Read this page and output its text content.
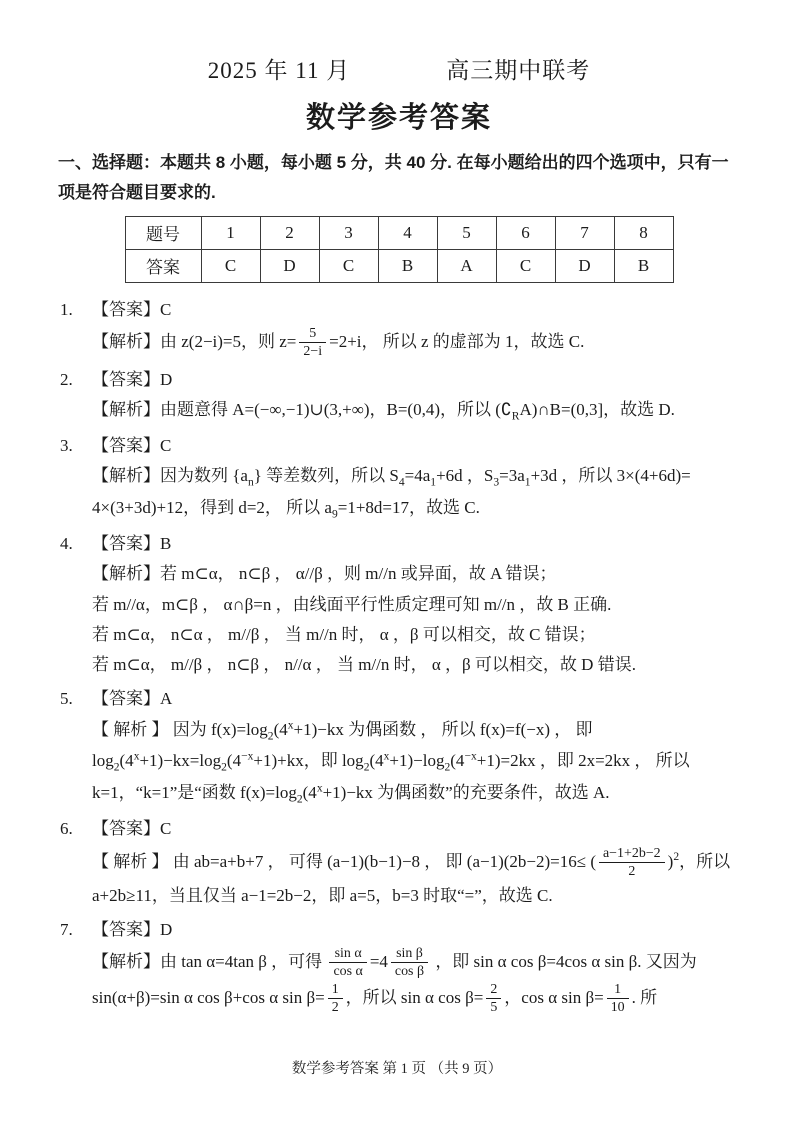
2025 年 11 月	高三期中联考
数学参考答案
一、选择题：本题共 8 小题，每小题 5 分，共 40 分. 在每小题给出的四个选项中，只有一项是符合题目要求的.
题号	1	2	3	4	5	6	7	8
答案	C	D	C	B	A	C	D	B
1. 【答案】C
【解析】由 z(2−i)=5，则 $z= \frac{5}{2-i} =2+i$， 所以 z 的虚部为 1，故选 C.
2. 【答案】D
【解析】由题意得 A=(−∞,−1)∪(3,+∞)，B=(0,4)，所以 $(∁_RA)\cap B=(0,3]$，故选 D.
3. 【答案】C
【解析】因为数列 $\{a_n\}$ 等差数列，所以 $S_4=4a_1+6d$ ，$S_3=3a_1+3d$ ，所以 3×(4+6d)= 4×(3+3d)+12，得到 d=2， 所以 $a_9=1+8d=17$，故选 C.
4. 【答案】B
【解析】若 m⊂α， n⊂β ， α//β ，则 m//n 或异面，故 A 错误；
若 m//α，m⊂β ， α∩β=n ，由线面平行性质定理可知 m//n ，故 B 正确.
若 m⊂α， n⊂α ， m//β ， 当 m//n 时， α ，β 可以相交，故 C 错误；
若 m⊂α， m//β ， n⊂β ， n//α ， 当 m//n 时， α ，β 可以相交，故 D 错误.
5. 【答案】A
【 解析 】 因为 $f(x)=\log_2(4^x+1)-kx$ 为偶函数 ， 所以 f(x)=f(−x) ， 即 $\log_2(4^x+1)-kx=\log_2(4^{-x}+1)+kx$，即 $\log_2(4^x+1)-\log_2(4^{-x}+1)=2kx$ ，即 2x=2kx ， 所以 k=1，“k=1”是“函数 $f(x)=\log_2(4^x+1)-kx$ 为偶函数”的充要条件，故选 A.
6. 【答案】C
【 解析 】 由 ab=a+b+7 ， 可得 (a−1)(b−1)−8 ， 即 (a−1)(2b−2)=16≤ ( $\frac{a-1+2b-2}{2} )^2$，所以 a+2b≥11，当且仅当 a−1=2b−2，即 a=5，b=3 时取“=”，故选 C.
7. 【答案】D
【解析】由 tan α=4tan β ，可得 $\frac{\text{sin α}}{\text{cos α}} =4 \frac{\text{sin β}}{\text{cos β}}$ ，即 sin α cos β=4cos α sin β. 又因为 sin(α+β)=sin α cos β+cos α $\sin \beta= \frac{1}{2}$ ，所以 sin α $\cos \beta= \frac{2}{5}$ ，cos α $\sin \beta= \frac{1}{10}$ . 所
数学参考答案 第 1 页 （共 9 页）
